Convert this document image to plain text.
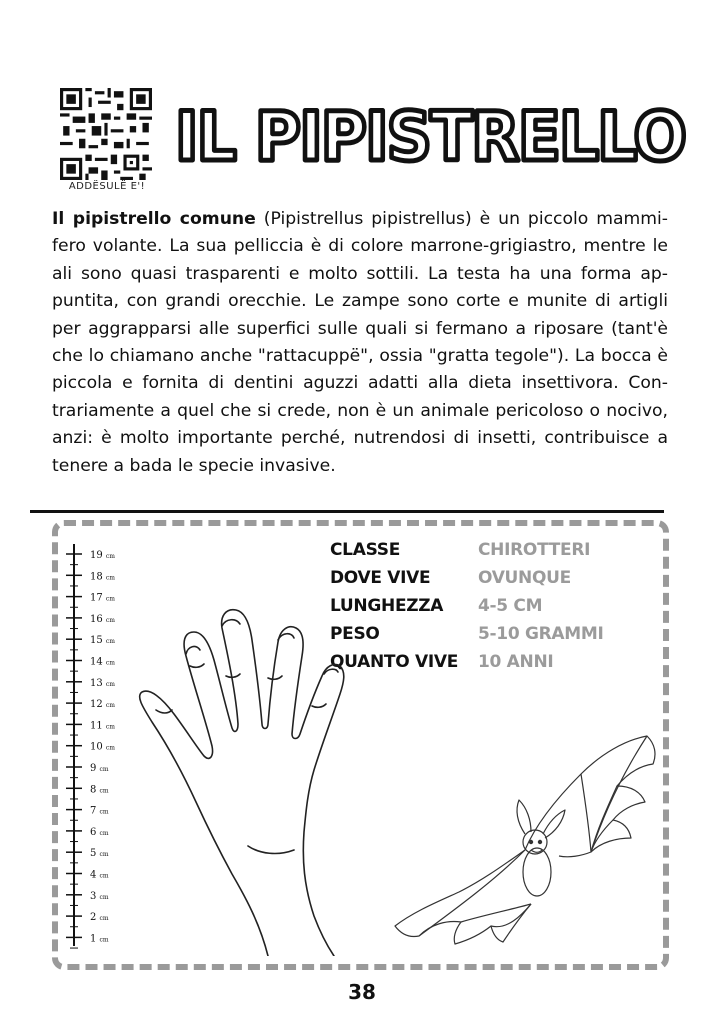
ADDËSULË E'!
IL PIPISTRELLO
Il pipistrello comune (Pipistrellus pipistrellus) è un piccolo mammi-fero volante. La sua pelliccia è di colore marrone-grigiastro, mentre le ali sono quasi trasparenti e molto sottili. La testa ha una forma ap-puntita, con grandi orecchie. Le zampe sono corte e munite di artigli per aggrapparsi alle superfici sulle quali si fermano a riposare (tant'è che lo chiamano anche "rattacuppë", ossia "gratta tegole"). La bocca è piccola e fornita di dentini aguzzi adatti alla dieta insettivora. Con-trariamente a quel che si crede, non è un animale pericoloso o nocivo, anzi: è molto importante perché, nutrendosi di insetti, contribuisce a tenere a bada le specie invasive.
19 cm
18 cm
17 cm
16 cm
15 cm
14 cm
13 cm
12 cm
11 cm
10 cm
9 cm
8 cm
7 cm
6 cm
5 cm
4 cm
3 cm
2 cm
1 cm
CLASSE	CHIROTTERI
DOVE VIVE	OVUNQUE
LUNGHEZZA	4-5 CM
PESO	5-10 GRAMMI
QUANTO VIVE	10 ANNI
38
